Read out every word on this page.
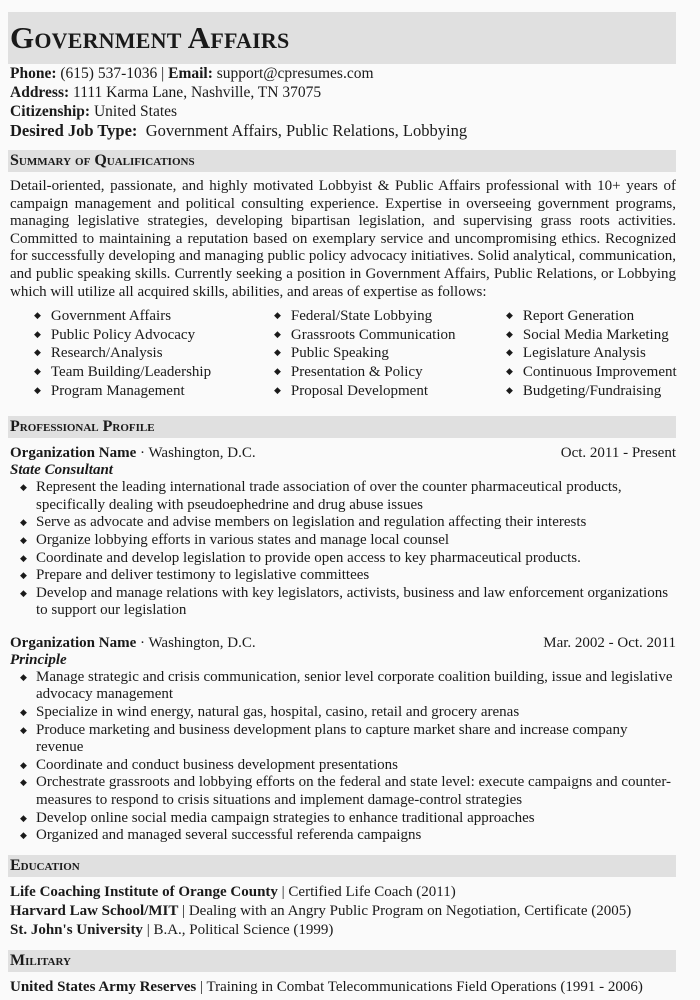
Government Affairs
Phone: (615) 537-1036 | Email: support@cpresumes.com
Address: 1111 Karma Lane, Nashville, TN 37075
Citizenship: United States
Desired Job Type: Government Affairs, Public Relations, Lobbying
Summary of Qualifications
Detail-oriented, passionate, and highly motivated Lobbyist & Public Affairs professional with 10+ years of campaign management and political consulting experience. Expertise in overseeing government programs, managing legislative strategies, developing bipartisan legislation, and supervising grass roots activities. Committed to maintaining a reputation based on exemplary service and uncompromising ethics. Recognized for successfully developing and managing public policy advocacy initiatives. Solid analytical, communication, and public speaking skills. Currently seeking a position in Government Affairs, Public Relations, or Lobbying which will utilize all acquired skills, abilities, and areas of expertise as follows:
◆ Government Affairs	◆ Federal/State Lobbying	◆ Report Generation
◆ Public Policy Advocacy	◆ Grassroots Communication	◆ Social Media Marketing
◆ Research/Analysis	◆ Public Speaking	◆ Legislature Analysis
◆ Team Building/Leadership	◆ Presentation & Policy	◆ Continuous Improvement
◆ Program Management	◆ Proposal Development	◆ Budgeting/Fundraising
Professional Profile
Organization Name · Washington, D.C.	Oct. 2011 - Present
State Consultant
◆ Represent the leading international trade association of over the counter pharmaceutical products, specifically dealing with pseudoephedrine and drug abuse issues
◆ Serve as advocate and advise members on legislation and regulation affecting their interests
◆ Organize lobbying efforts in various states and manage local counsel
◆ Coordinate and develop legislation to provide open access to key pharmaceutical products.
◆ Prepare and deliver testimony to legislative committees
◆ Develop and manage relations with key legislators, activists, business and law enforcement organizations to support our legislation
Organization Name · Washington, D.C.	Mar. 2002 - Oct. 2011
Principle
◆ Manage strategic and crisis communication, senior level corporate coalition building, issue and legislative advocacy management
◆ Specialize in wind energy, natural gas, hospital, casino, retail and grocery arenas
◆ Produce marketing and business development plans to capture market share and increase company revenue
◆ Coordinate and conduct business development presentations
◆ Orchestrate grassroots and lobbying efforts on the federal and state level: execute campaigns and counter-measures to respond to crisis situations and implement damage-control strategies
◆ Develop online social media campaign strategies to enhance traditional approaches
◆ Organized and managed several successful referenda campaigns
Education
Life Coaching Institute of Orange County | Certified Life Coach (2011)
Harvard Law School/MIT | Dealing with an Angry Public Program on Negotiation, Certificate (2005)
St. John's University | B.A., Political Science (1999)
Military
United States Army Reserves | Training in Combat Telecommunications Field Operations (1991 - 2006)
